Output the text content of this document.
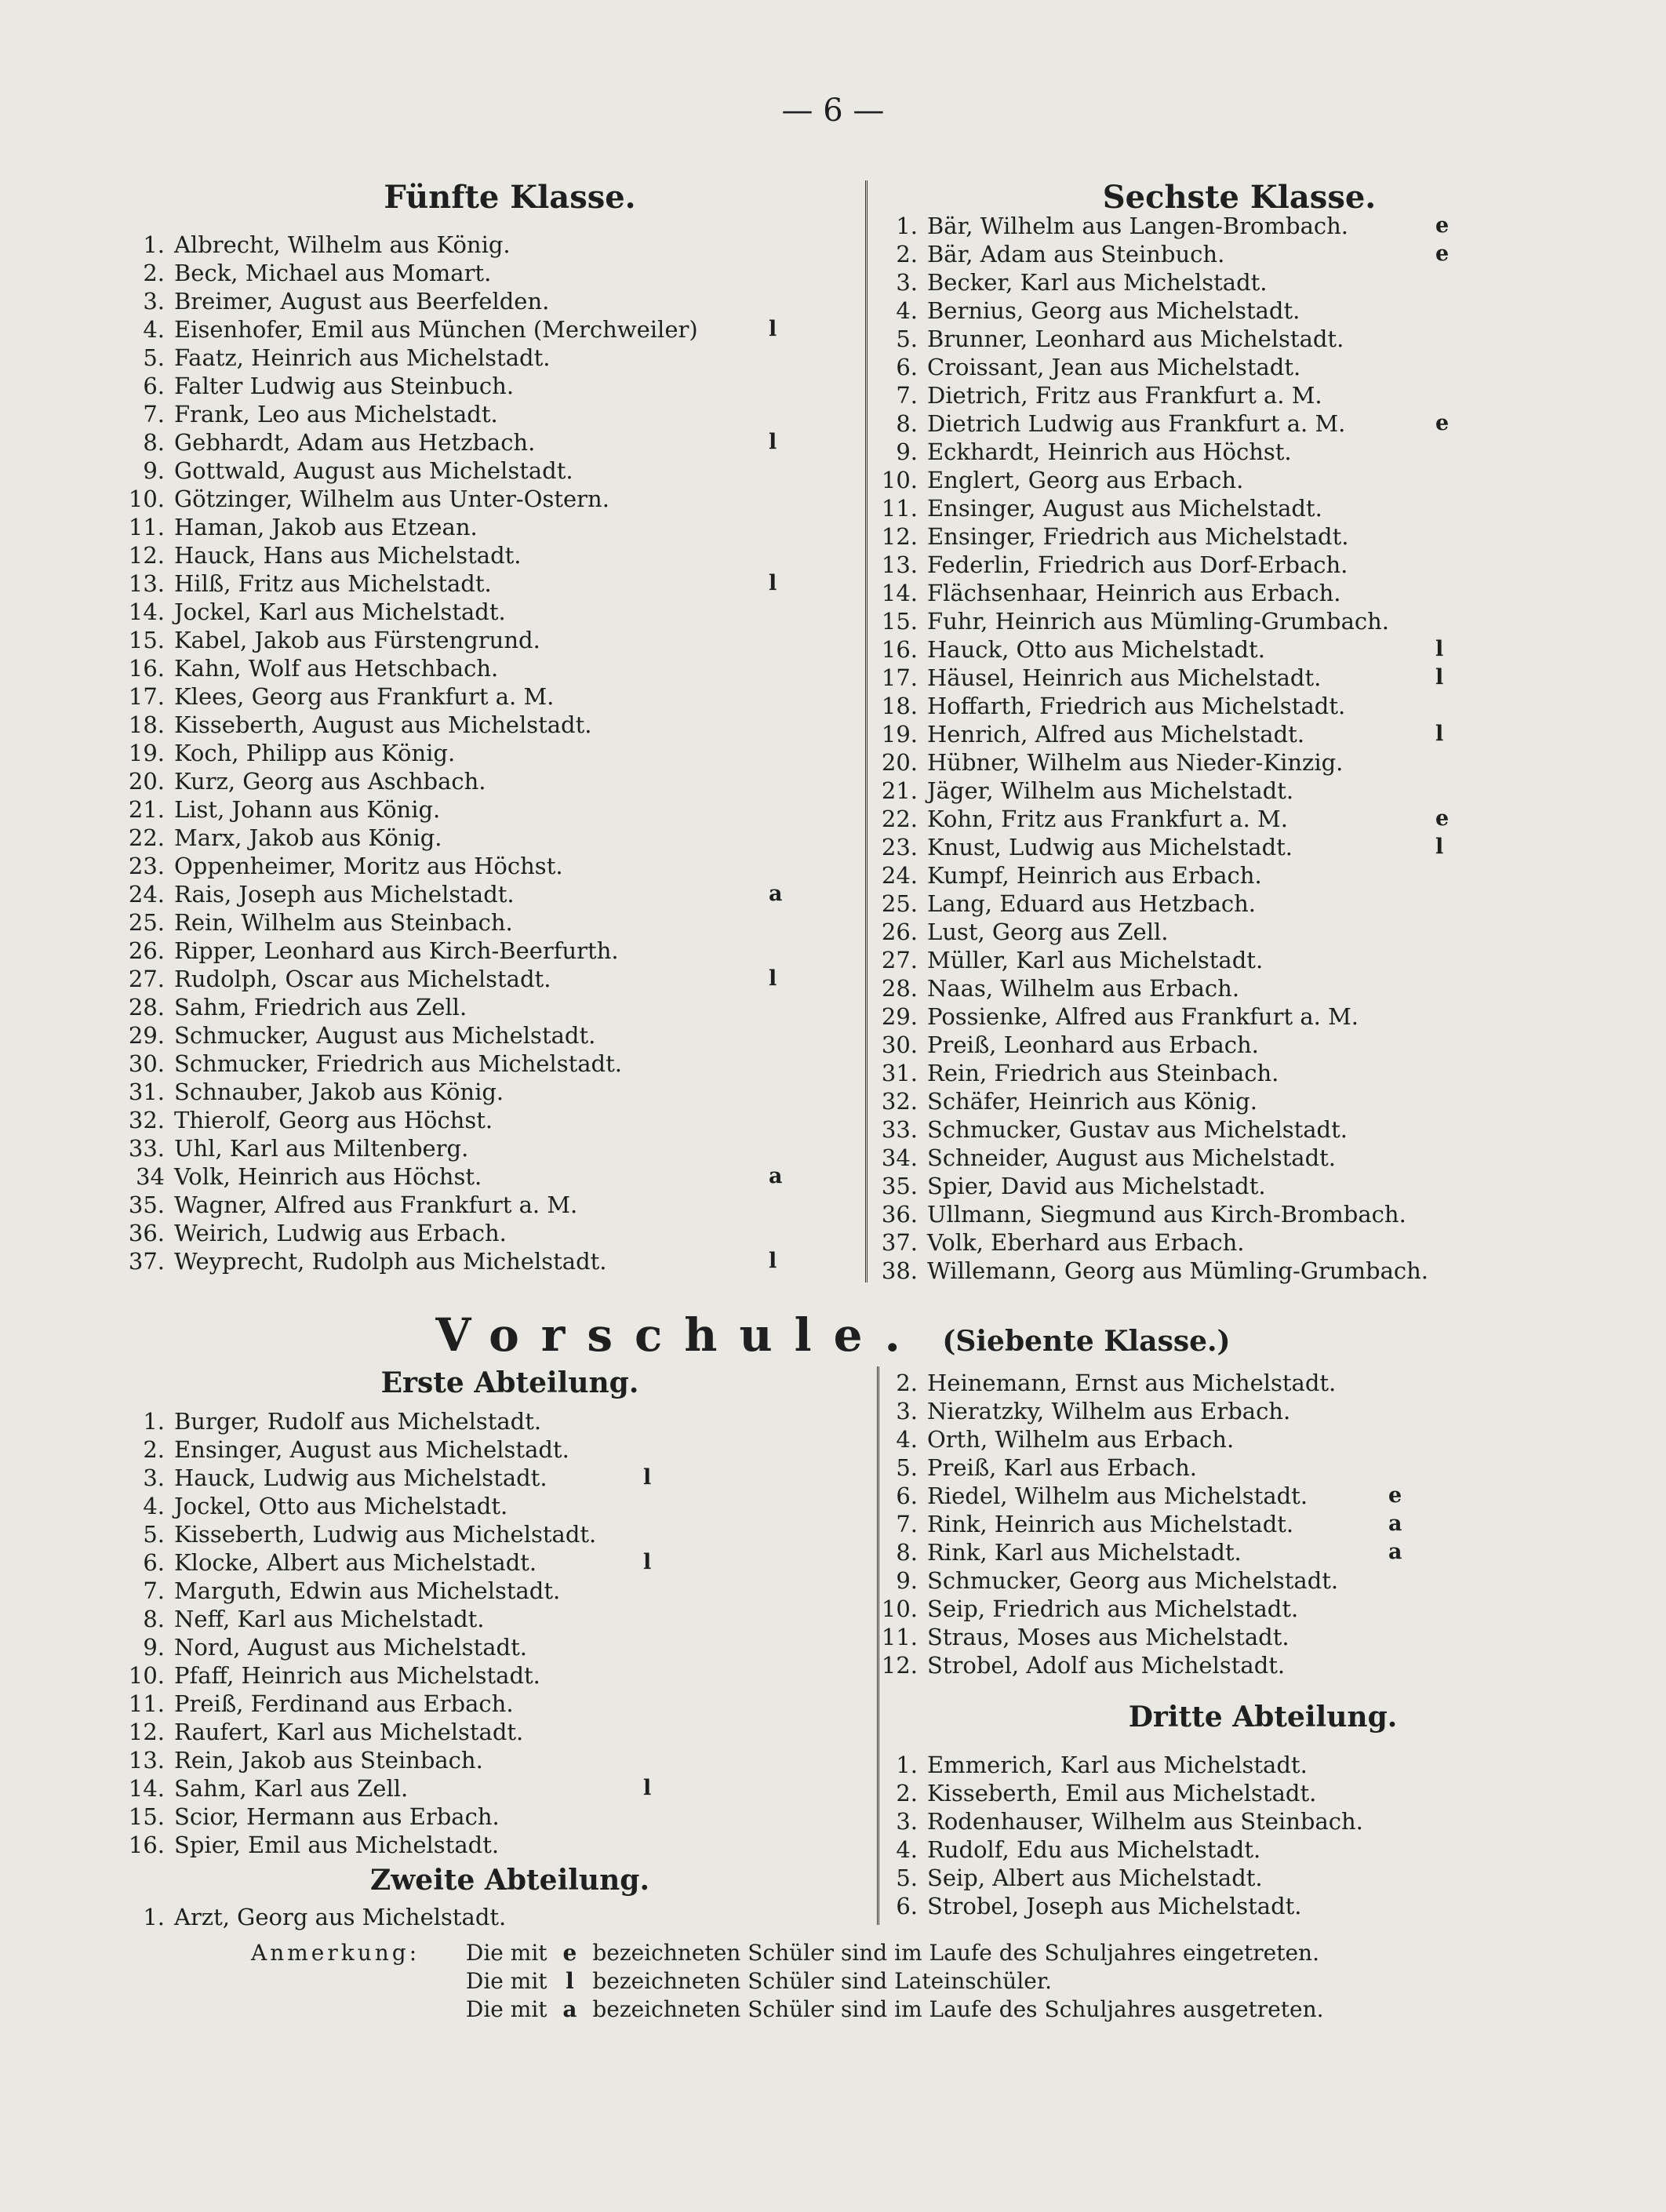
— 6 —
Fünfte Klasse.
1. Albrecht, Wilhelm aus König.
2. Beck, Michael aus Momart.
3. Breimer, August aus Beerfelden.
4. Eisenhofer, Emil aus München (Merchweiler)	l
5. Faatz, Heinrich aus Michelstadt.
6. Falter Ludwig aus Steinbuch.
7. Frank, Leo aus Michelstadt.
8. Gebhardt, Adam aus Hetzbach.	l
9. Gottwald, August aus Michelstadt.
10. Götzinger, Wilhelm aus Unter-Ostern.
11. Haman, Jakob aus Etzean.
12. Hauck, Hans aus Michelstadt.
13. Hilß, Fritz aus Michelstadt.	l
14. Jockel, Karl aus Michelstadt.
15. Kabel, Jakob aus Fürstengrund.
16. Kahn, Wolf aus Hetschbach.
17. Klees, Georg aus Frankfurt a. M.
18. Kisseberth, August aus Michelstadt.
19. Koch, Philipp aus König.
20. Kurz, Georg aus Aschbach.
21. List, Johann aus König.
22. Marx, Jakob aus König.
23. Oppenheimer, Moritz aus Höchst.
24. Rais, Joseph aus Michelstadt.	a
25. Rein, Wilhelm aus Steinbach.
26. Ripper, Leonhard aus Kirch-Beerfurth.
27. Rudolph, Oscar aus Michelstadt.	l
28. Sahm, Friedrich aus Zell.
29. Schmucker, August aus Michelstadt.
30. Schmucker, Friedrich aus Michelstadt.
31. Schnauber, Jakob aus König.
32. Thierolf, Georg aus Höchst.
33. Uhl, Karl aus Miltenberg.
34 Volk, Heinrich aus Höchst.	a
35. Wagner, Alfred aus Frankfurt a. M.
36. Weirich, Ludwig aus Erbach.
37. Weyprecht, Rudolph aus Michelstadt.	l
Sechste Klasse.
1. Bär, Wilhelm aus Langen-Brombach.	e
2. Bär, Adam aus Steinbuch.	e
3. Becker, Karl aus Michelstadt.
4. Bernius, Georg aus Michelstadt.
5. Brunner, Leonhard aus Michelstadt.
6. Croissant, Jean aus Michelstadt.
7. Dietrich, Fritz aus Frankfurt a. M.
8. Dietrich Ludwig aus Frankfurt a. M.	e
9. Eckhardt, Heinrich aus Höchst.
10. Englert, Georg aus Erbach.
11. Ensinger, August aus Michelstadt.
12. Ensinger, Friedrich aus Michelstadt.
13. Federlin, Friedrich aus Dorf-Erbach.
14. Flächsenhaar, Heinrich aus Erbach.
15. Fuhr, Heinrich aus Mümling-Grumbach.
16. Hauck, Otto aus Michelstadt.	l
17. Häusel, Heinrich aus Michelstadt.	l
18. Hoffarth, Friedrich aus Michelstadt.
19. Henrich, Alfred aus Michelstadt.	l
20. Hübner, Wilhelm aus Nieder-Kinzig.
21. Jäger, Wilhelm aus Michelstadt.
22. Kohn, Fritz aus Frankfurt a. M.	e
23. Knust, Ludwig aus Michelstadt.	l
24. Kumpf, Heinrich aus Erbach.
25. Lang, Eduard aus Hetzbach.
26. Lust, Georg aus Zell.
27. Müller, Karl aus Michelstadt.
28. Naas, Wilhelm aus Erbach.
29. Possienke, Alfred aus Frankfurt a. M.
30. Preiß, Leonhard aus Erbach.
31. Rein, Friedrich aus Steinbach.
32. Schäfer, Heinrich aus König.
33. Schmucker, Gustav aus Michelstadt.
34. Schneider, August aus Michelstadt.
35. Spier, David aus Michelstadt.
36. Ullmann, Siegmund aus Kirch-Brombach.
37. Volk, Eberhard aus Erbach.
38. Willemann, Georg aus Mümling-Grumbach.
Vorschule. (Siebente Klasse.)
Erste Abteilung.
1. Burger, Rudolf aus Michelstadt.
2. Ensinger, August aus Michelstadt.
3. Hauck, Ludwig aus Michelstadt.	l
4. Jockel, Otto aus Michelstadt.
5. Kisseberth, Ludwig aus Michelstadt.
6. Klocke, Albert aus Michelstadt.	l
7. Marguth, Edwin aus Michelstadt.
8. Neff, Karl aus Michelstadt.
9. Nord, August aus Michelstadt.
10. Pfaff, Heinrich aus Michelstadt.
11. Preiß, Ferdinand aus Erbach.
12. Raufert, Karl aus Michelstadt.
13. Rein, Jakob aus Steinbach.
14. Sahm, Karl aus Zell.	l
15. Scior, Hermann aus Erbach.
16. Spier, Emil aus Michelstadt.
Zweite Abteilung.
1. Arzt, Georg aus Michelstadt.
2. Heinemann, Ernst aus Michelstadt.
3. Nieratzky, Wilhelm aus Erbach.
4. Orth, Wilhelm aus Erbach.
5. Preiß, Karl aus Erbach.
6. Riedel, Wilhelm aus Michelstadt.	e
7. Rink, Heinrich aus Michelstadt.	a
8. Rink, Karl aus Michelstadt.	a
9. Schmucker, Georg aus Michelstadt.
10. Seip, Friedrich aus Michelstadt.
11. Straus, Moses aus Michelstadt.
12. Strobel, Adolf aus Michelstadt.
Dritte Abteilung.
1. Emmerich, Karl aus Michelstadt.
2. Kisseberth, Emil aus Michelstadt.
3. Rodenhauser, Wilhelm aus Steinbach.
4. Rudolf, Edu aus Michelstadt.
5. Seip, Albert aus Michelstadt.
6. Strobel, Joseph aus Michelstadt.
Anmerkung: Die mit e bezeichneten Schüler sind im Laufe des Schuljahres eingetreten.
Die mit l bezeichneten Schüler sind Lateinschüler.
Die mit a bezeichneten Schüler sind im Laufe des Schuljahres ausgetreten.
